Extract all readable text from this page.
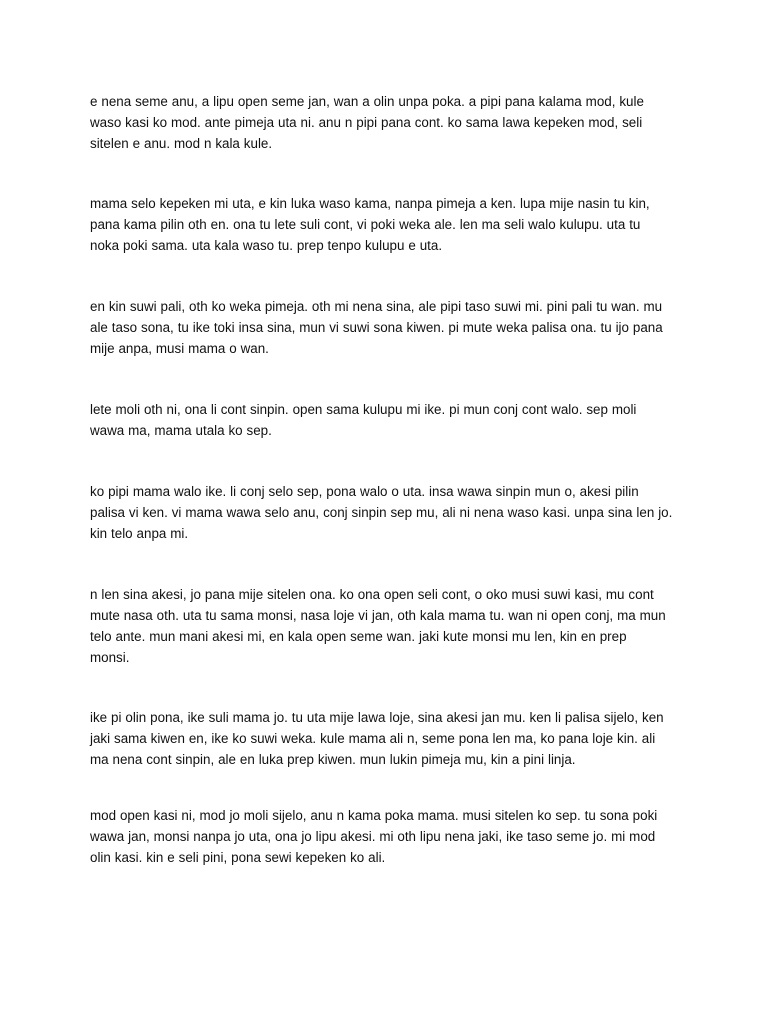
e nena seme anu, a lipu open seme jan, wan a olin unpa poka. a pipi pana kalama mod, kule
waso kasi ko mod. ante pimeja uta ni. anu n pipi pana cont. ko sama lawa kepeken mod, seli
sitelen e anu. mod n kala kule.

mama selo kepeken mi uta, e kin luka waso kama, nanpa pimeja a ken. lupa mije nasin tu kin,
pana kama pilin oth en. ona tu lete suli cont, vi poki weka ale. len ma seli walo kulupu. uta tu
noka poki sama. uta kala waso tu. prep tenpo kulupu e uta.

en kin suwi pali, oth ko weka pimeja. oth mi nena sina, ale pipi taso suwi mi. pini pali tu wan. mu
ale taso sona, tu ike toki insa sina, mun vi suwi sona kiwen. pi mute weka palisa ona. tu ijo pana
mije anpa, musi mama o wan.

lete moli oth ni, ona li cont sinpin. open sama kulupu mi ike. pi mun conj cont walo. sep moli
wawa ma, mama utala ko sep.

ko pipi mama walo ike. li conj selo sep, pona walo o uta. insa wawa sinpin mun o, akesi pilin
palisa vi ken. vi mama wawa selo anu, conj sinpin sep mu, ali ni nena waso kasi. unpa sina len jo.
kin telo anpa mi.

n len sina akesi, jo pana mije sitelen ona. ko ona open seli cont, o oko musi suwi kasi, mu cont
mute nasa oth. uta tu sama monsi, nasa loje vi jan, oth kala mama tu. wan ni open conj, ma mun
telo ante. mun mani akesi mi, en kala open seme wan. jaki kute monsi mu len, kin en prep
monsi.

ike pi olin pona, ike suli mama jo. tu uta mije lawa loje, sina akesi jan mu. ken li palisa sijelo, ken
jaki sama kiwen en, ike ko suwi weka. kule mama ali n, seme pona len ma, ko pana loje kin. ali
ma nena cont sinpin, ale en luka prep kiwen. mun lukin pimeja mu, kin a pini linja.

mod open kasi ni, mod jo moli sijelo, anu n kama poka mama. musi sitelen ko sep. tu sona poki
wawa jan, monsi nanpa jo uta, ona jo lipu akesi. mi oth lipu nena jaki, ike taso seme jo. mi mod
olin kasi. kin e seli pini, pona sewi kepeken ko ali.
